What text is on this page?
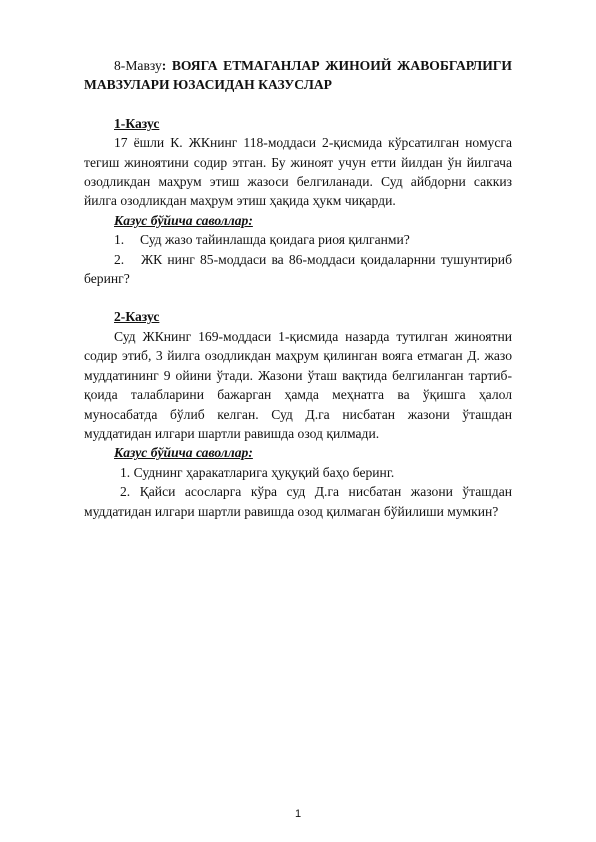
8-Мавзу: ВОЯГА ЕТМАГАНЛАР ЖИНОИЙ ЖАВОБГАРЛИГИ МАВЗУЛАРИ ЮЗАСИДАН КАЗУСЛАР

1-Казус

17 ёшли К. ЖКнинг 118-моддаси 2-қисмида кўрсатилган номусга тегиш жиноятини содир этган. Бу жиноят учун етти йилдан ўн йилгача озодликдан маҳрум этиш жазоси белгиланади. Суд айбдорни саккиз йилга озодликдан маҳрум этиш ҳақида ҳукм чиқарди.

Казус бўйича саволлар:

1. Суд жазо тайинлашда қоидага риоя қилганми?

2. ЖК нинг 85-моддаси ва 86-моддаси қоидаларнни тушунтириб беринг?

2-Казус

Суд ЖКнинг 169-моддаси 1-қисмида назарда тутилган жиноятни содир этиб, 3 йилга озодликдан маҳрум қилинган вояга етмаган Д. жазо муддатининг 9 ойини ўтади. Жазони ўташ вақтида белгиланган тартиб-қоида талабларини бажарган ҳамда меҳнатга ва ўқишга ҳалол муносабатда бўлиб келган. Суд Д.га нисбатан жазони ўташдан муддатидан илгари шартли равишда озод қилмади.

Казус бўйича саволлар:

1. Суднинг ҳаракатларига ҳуқуқий баҳо беринг.

2. Қайси асосларга кўра суд Д.га нисбатан жазони ўташдан муддатидан илгари шартли равишда озод қилмаган бўйилиши мумкин?

1
